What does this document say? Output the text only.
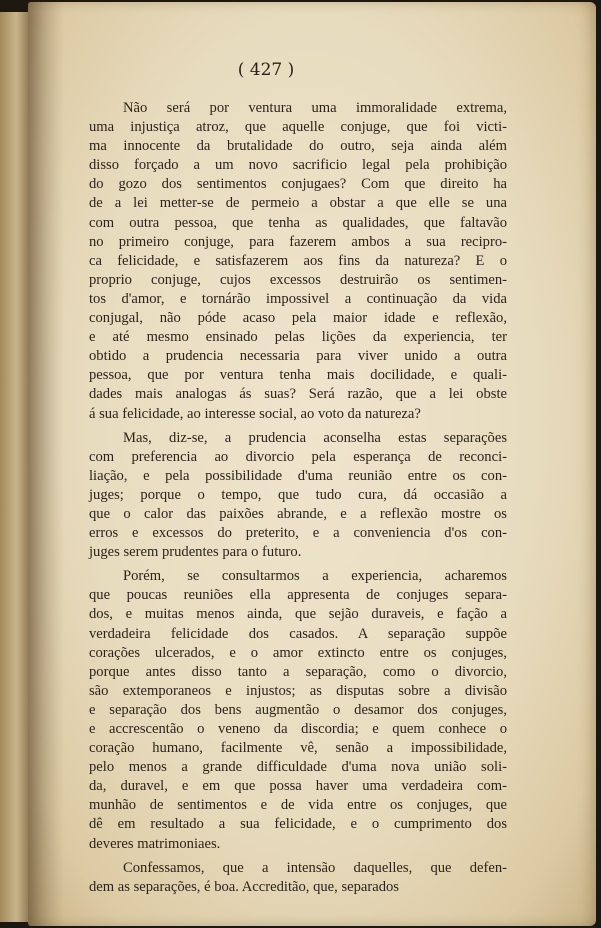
( 427 )
Não será por ventura uma immoralidade extrema,
uma injustiça atroz, que aquelle conjuge, que foi victi-
ma innocente da brutalidade do outro, seja ainda além
disso forçado a um novo sacrificio legal pela prohibição
do gozo dos sentimentos conjugaes? Com que direito ha
de a lei metter-se de permeio a obstar a que elle se una
com outra pessoa, que tenha as qualidades, que faltavão
no primeiro conjuge, para fazerem ambos a sua recipro-
ca felicidade, e satisfazerem aos fins da natureza? E o
proprio conjuge, cujos excessos destruirão os sentimen-
tos d'amor, e tornárão impossivel a continuação da vida
conjugal, não póde acaso pela maior idade e reflexão,
e até mesmo ensinado pelas lições da experiencia, ter
obtido a prudencia necessaria para viver unido a outra
pessoa, que por ventura tenha mais docilidade, e quali-
dades mais analogas ás suas? Será razão, que a lei obste
á sua felicidade, ao interesse social, ao voto da natureza?
Mas, diz-se, a prudencia aconselha estas separações
com preferencia ao divorcio pela esperança de reconci-
liação, e pela possibilidade d'uma reunião entre os con-
juges; porque o tempo, que tudo cura, dá occasião a
que o calor das paixões abrande, e a reflexão mostre os
erros e excessos do preterito, e a conveniencia d'os con-
juges serem prudentes para o futuro.
Porém, se consultarmos a experiencia, acharemos
que poucas reuniões ella appresenta de conjuges separa-
dos, e muitas menos ainda, que sejão duraveis, e fação a
verdadeira felicidade dos casados. A separação suppõe
corações ulcerados, e o amor extincto entre os conjuges,
porque antes disso tanto a separação, como o divorcio,
são extemporaneos e injustos; as disputas sobre a divisão
e separação dos bens augmentão o desamor dos conjuges,
e accrescentão o veneno da discordia; e quem conhece o
coração humano, facilmente vê, senão a impossibilidade,
pelo menos a grande difficuldade d'uma nova união soli-
da, duravel, e em que possa haver uma verdadeira com-
munhão de sentimentos e de vida entre os conjuges, que
dê em resultado a sua felicidade, e o cumprimento dos
deveres matrimoniaes.
Confessamos, que a intensão daquelles, que defen-
dem as separações, é boa. Accreditão, que, separados
